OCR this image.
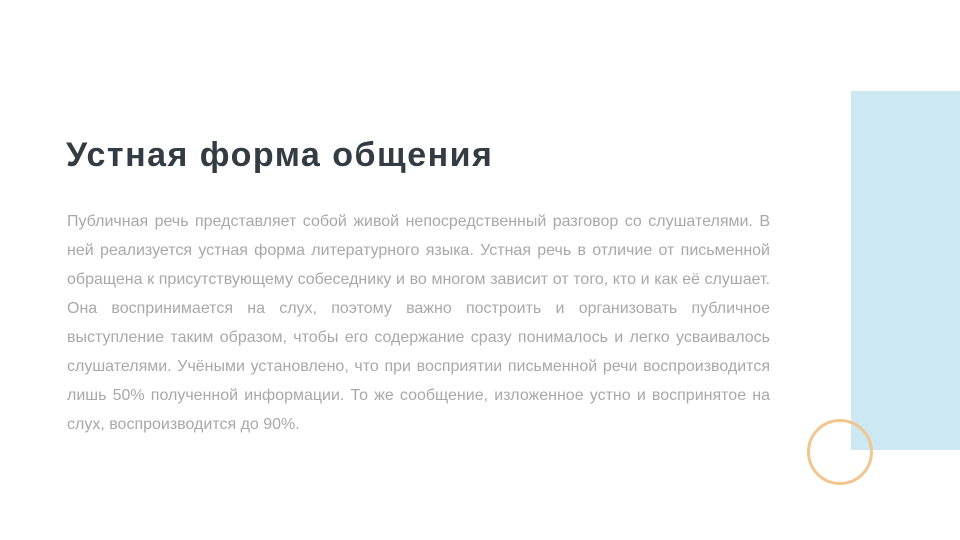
Устная форма общения

Публичная речь представляет собой живой непосредственный разговор со слушателями. В ней реализуется устная форма литературного языка. Устная речь в отличие от письменной обращена к присутствующему собеседнику и во многом зависит от того, кто и как её слушает. Она воспринимается на слух, поэтому важно построить и организовать публичное выступление таким образом, чтобы его содержание сразу понималось и легко усваивалось слушателями. Учёными установлено, что при восприятии письменной речи воспроизводится лишь 50% полученной информации. То же сообщение, изложенное устно и воспринятое на слух, воспроизводится до 90%.
